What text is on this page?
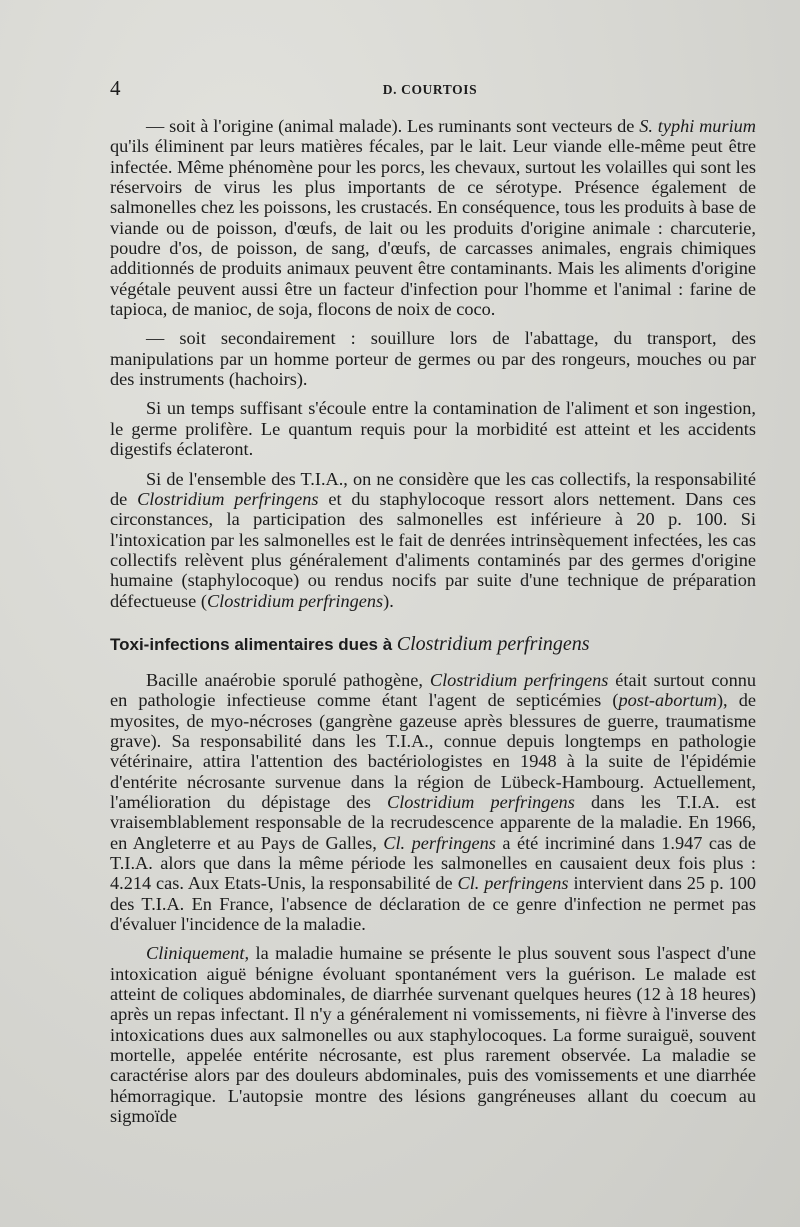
4	D. COURTOIS

— soit à l'origine (animal malade). Les ruminants sont vecteurs de S. typhi murium qu'ils éliminent par leurs matières fécales, par le lait. Leur viande elle-même peut être infectée. Même phénomène pour les porcs, les chevaux, surtout les volailles qui sont les réservoirs de virus les plus importants de ce sérotype. Présence également de salmonelles chez les poissons, les crustacés. En conséquence, tous les produits à base de viande ou de poisson, d'œufs, de lait ou les produits d'origine animale : charcuterie, poudre d'os, de poisson, de sang, d'œufs, de carcasses animales, engrais chimiques additionnés de produits animaux peuvent être contaminants. Mais les aliments d'origine végétale peuvent aussi être un facteur d'infection pour l'homme et l'animal : farine de tapioca, de manioc, de soja, flocons de noix de coco.

— soit secondairement : souillure lors de l'abattage, du transport, des manipulations par un homme porteur de germes ou par des rongeurs, mouches ou par des instruments (hachoirs).

Si un temps suffisant s'écoule entre la contamination de l'aliment et son ingestion, le germe prolifère. Le quantum requis pour la morbidité est atteint et les accidents digestifs éclateront.

Si de l'ensemble des T.I.A., on ne considère que les cas collectifs, la responsabilité de Clostridium perfringens et du staphylocoque ressort alors nettement. Dans ces circonstances, la participation des salmonelles est inférieure à 20 p. 100. Si l'intoxication par les salmonelles est le fait de denrées intrinsèquement infectées, les cas collectifs relèvent plus généralement d'aliments contaminés par des germes d'origine humaine (staphylocoque) ou rendus nocifs par suite d'une technique de préparation défectueuse (Clostridium perfringens).

Toxi-infections alimentaires dues à Clostridium perfringens

Bacille anaérobie sporulé pathogène, Clostridium perfringens était surtout connu en pathologie infectieuse comme étant l'agent de septicémies (post-abortum), de myosites, de myo-nécroses (gangrène gazeuse après blessures de guerre, traumatisme grave). Sa responsabilité dans les T.I.A., connue depuis longtemps en pathologie vétérinaire, attira l'attention des bactériologistes en 1948 à la suite de l'épidémie d'entérite nécrosante survenue dans la région de Lübeck-Hambourg. Actuellement, l'amélioration du dépistage des Clostridium perfringens dans les T.I.A. est vraisemblablement responsable de la recrudescence apparente de la maladie. En 1966, en Angleterre et au Pays de Galles, Cl. perfringens a été incriminé dans 1.947 cas de T.I.A. alors que dans la même période les salmonelles en causaient deux fois plus : 4.214 cas. Aux Etats-Unis, la responsabilité de Cl. perfringens intervient dans 25 p. 100 des T.I.A. En France, l'absence de déclaration de ce genre d'infection ne permet pas d'évaluer l'incidence de la maladie.

Cliniquement, la maladie humaine se présente le plus souvent sous l'aspect d'une intoxication aiguë bénigne évoluant spontanément vers la guérison. Le malade est atteint de coliques abdominales, de diarrhée survenant quelques heures (12 à 18 heures) après un repas infectant. Il n'y a généralement ni vomissements, ni fièvre à l'inverse des intoxications dues aux salmonelles ou aux staphylocoques. La forme suraiguë, souvent mortelle, appelée entérite nécrosante, est plus rarement observée. La maladie se caractérise alors par des douleurs abdominales, puis des vomissements et une diarrhée hémorragique. L'autopsie montre des lésions gangréneuses allant du coecum au sigmoïde
